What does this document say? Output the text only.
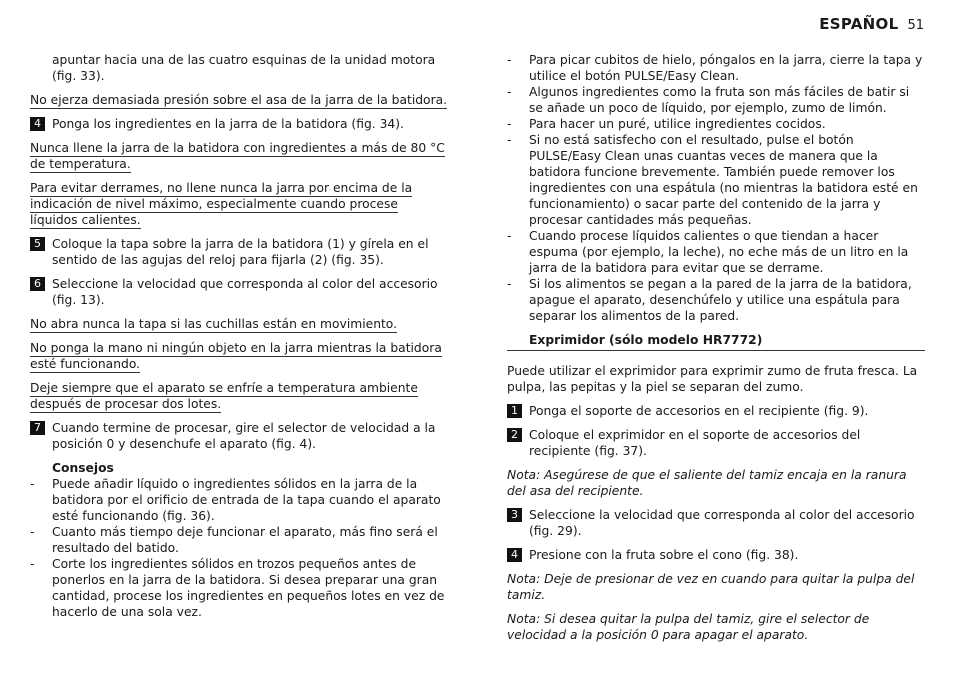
ESPAÑOL 51

apuntar hacia una de las cuatro esquinas de la unidad motora (fig. 33).

No ejerza demasiada presión sobre el asa de la jarra de la batidora.

4 Ponga los ingredientes en la jarra de la batidora (fig. 34).

Nunca llene la jarra de la batidora con ingredientes a más de 80 °C de temperatura.

Para evitar derrames, no llene nunca la jarra por encima de la indicación de nivel máximo, especialmente cuando procese líquidos calientes.

5 Coloque la tapa sobre la jarra de la batidora (1) y gírela en el sentido de las agujas del reloj para fijarla (2) (fig. 35).
6 Seleccione la velocidad que corresponda al color del accesorio (fig. 13).

No abra nunca la tapa si las cuchillas están en movimiento.

No ponga la mano ni ningún objeto en la jarra mientras la batidora esté funcionando.

Deje siempre que el aparato se enfríe a temperatura ambiente después de procesar dos lotes.

7 Cuando termine de procesar, gire el selector de velocidad a la posición 0 y desenchufe el aparato (fig. 4).

Consejos

- Puede añadir líquido o ingredientes sólidos en la jarra de la batidora por el orificio de entrada de la tapa cuando el aparato esté funcionando (fig. 36).
- Cuanto más tiempo deje funcionar el aparato, más fino será el resultado del batido.
- Corte los ingredientes sólidos en trozos pequeños antes de ponerlos en la jarra de la batidora. Si desea preparar una gran cantidad, procese los ingredientes en pequeños lotes en vez de hacerlo de una sola vez.
- Para picar cubitos de hielo, póngalos en la jarra, cierre la tapa y utilice el botón PULSE/Easy Clean.
- Algunos ingredientes como la fruta son más fáciles de batir si se añade un poco de líquido, por ejemplo, zumo de limón.
- Para hacer un puré, utilice ingredientes cocidos.
- Si no está satisfecho con el resultado, pulse el botón PULSE/Easy Clean unas cuantas veces de manera que la batidora funcione brevemente. También puede remover los ingredientes con una espátula (no mientras la batidora esté en funcionamiento) o sacar parte del contenido de la jarra y procesar cantidades más pequeñas.
- Cuando procese líquidos calientes o que tiendan a hacer espuma (por ejemplo, la leche), no eche más de un litro en la jarra de la batidora para evitar que se derrame.
- Si los alimentos se pegan a la pared de la jarra de la batidora, apague el aparato, desenchúfelo y utilice una espátula para separar los alimentos de la pared.

Exprimidor (sólo modelo HR7772)

Puede utilizar el exprimidor para exprimir zumo de fruta fresca. La pulpa, las pepitas y la piel se separan del zumo.

1 Ponga el soporte de accesorios en el recipiente (fig. 9).
2 Coloque el exprimidor en el soporte de accesorios del recipiente (fig. 37).

Nota: Asegúrese de que el saliente del tamiz encaja en la ranura del asa del recipiente.

3 Seleccione la velocidad que corresponda al color del accesorio (fig. 29).
4 Presione con la fruta sobre el cono (fig. 38).

Nota: Deje de presionar de vez en cuando para quitar la pulpa del tamiz.

Nota: Si desea quitar la pulpa del tamiz, gire el selector de velocidad a la posición 0 para apagar el aparato.
